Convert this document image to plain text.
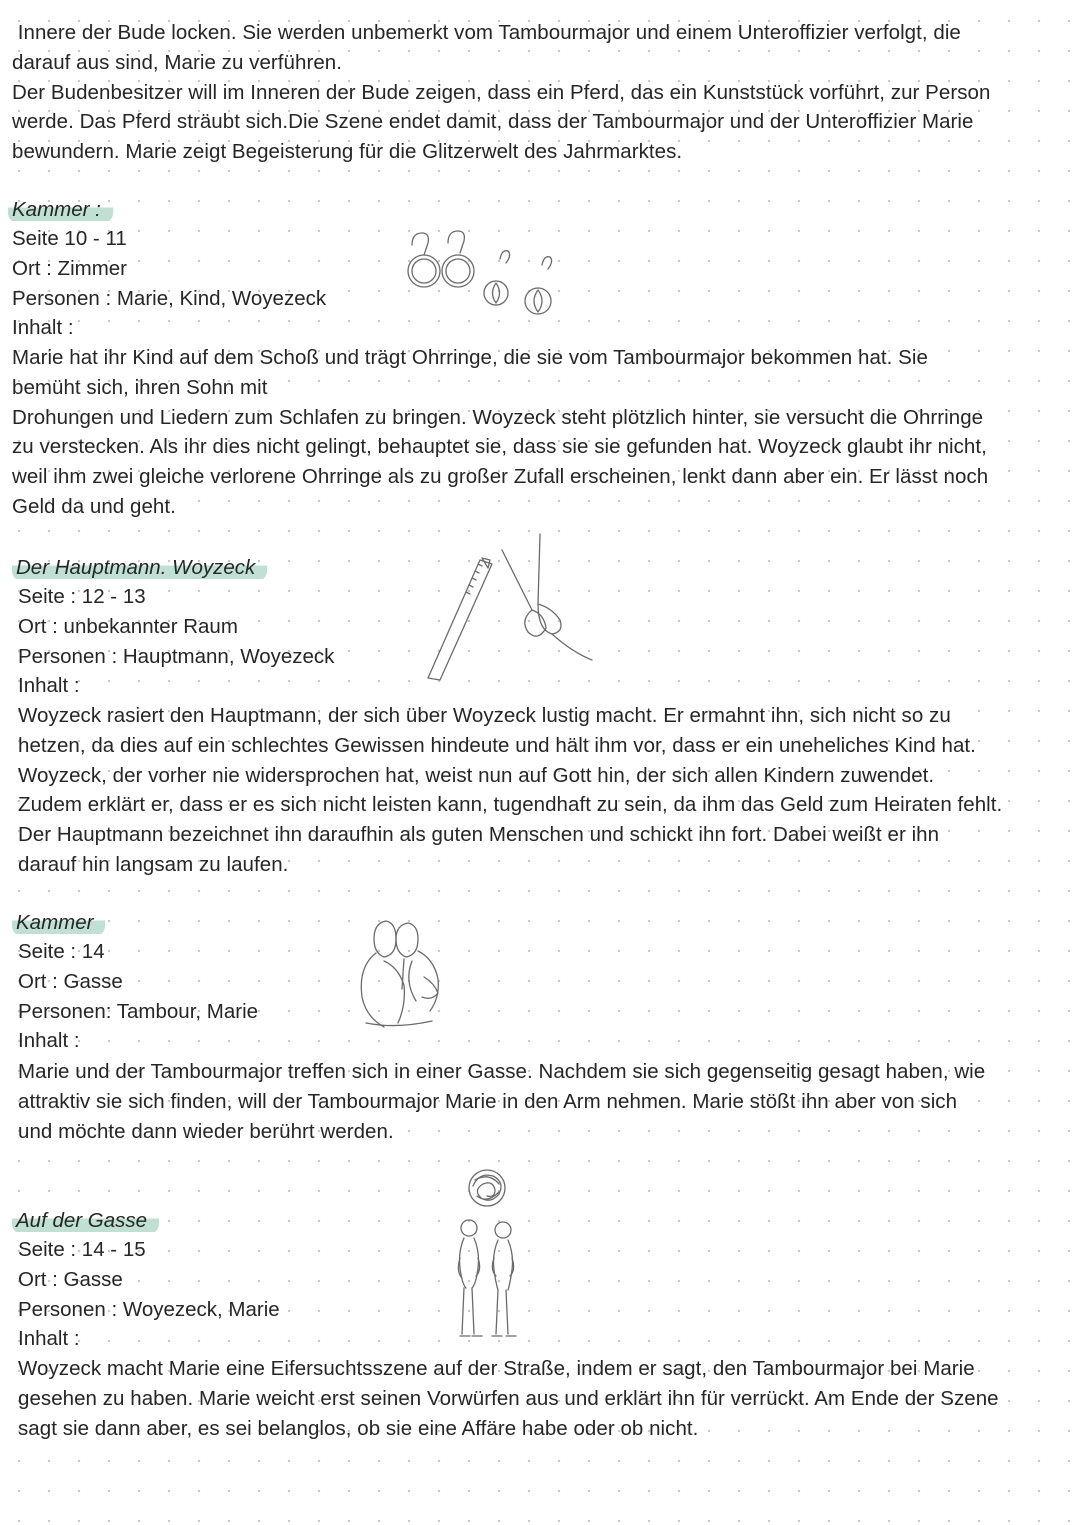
Innere der Bude locken. Sie werden unbemerkt vom Tambourmajor und einem Unteroffizier verfolgt, die
darauf aus sind, Marie zu verführen.
Der Budenbesitzer will im Inneren der Bude zeigen, dass ein Pferd, das ein Kunststück vorführt, zur Person
werde. Das Pferd sträubt sich.Die Szene endet damit, dass der Tambourmajor und der Unteroffizier Marie
bewundern. Marie zeigt Begeisterung für die Glitzerwelt des Jahrmarktes.

Kammer :
Seite 10 - 11
Ort : Zimmer
Personen : Marie, Kind, Woyezeck
Inhalt :

Marie hat ihr Kind auf dem Schoß und trägt Ohrringe, die sie vom Tambourmajor bekommen hat. Sie
bemüht sich, ihren Sohn mit
Drohungen und Liedern zum Schlafen zu bringen. Woyzeck steht plötzlich hinter, sie versucht die Ohrringe
zu verstecken. Als ihr dies nicht gelingt, behauptet sie, dass sie sie gefunden hat. Woyzeck glaubt ihr nicht,
weil ihm zwei gleiche verlorene Ohrringe als zu großer Zufall erscheinen, lenkt dann aber ein. Er lässt noch
Geld da und geht.

Der Hauptmann. Woyzeck
Seite : 12 - 13
Ort : unbekannter Raum
Personen : Hauptmann, Woyezeck
Inhalt :

Woyzeck rasiert den Hauptmann, der sich über Woyzeck lustig macht. Er ermahnt ihn, sich nicht so zu
hetzen, da dies auf ein schlechtes Gewissen hindeute und hält ihm vor, dass er ein uneheliches Kind hat.
Woyzeck, der vorher nie widersprochen hat, weist nun auf Gott hin, der sich allen Kindern zuwendet.
Zudem erklärt er, dass er es sich nicht leisten kann, tugendhaft zu sein, da ihm das Geld zum Heiraten fehlt.
Der Hauptmann bezeichnet ihn daraufhin als guten Menschen und schickt ihn fort. Dabei weißt er ihn
darauf hin langsam zu laufen.

Kammer
Seite : 14
Ort : Gasse
Personen: Tambour, Marie
Inhalt :

Marie und der Tambourmajor treffen sich in einer Gasse. Nachdem sie sich gegenseitig gesagt haben, wie
attraktiv sie sich finden, will der Tambourmajor Marie in den Arm nehmen. Marie stößt ihn aber von sich
und möchte dann wieder berührt werden.

Auf der Gasse
Seite : 14 - 15
Ort : Gasse
Personen : Woyezeck, Marie
Inhalt :

Woyzeck macht Marie eine Eifersuchtsszene auf der Straße, indem er sagt, den Tambourmajor bei Marie
gesehen zu haben. Marie weicht erst seinen Vorwürfen aus und erklärt ihn für verrückt. Am Ende der Szene
sagt sie dann aber, es sei belanglos, ob sie eine Affäre habe oder ob nicht.
